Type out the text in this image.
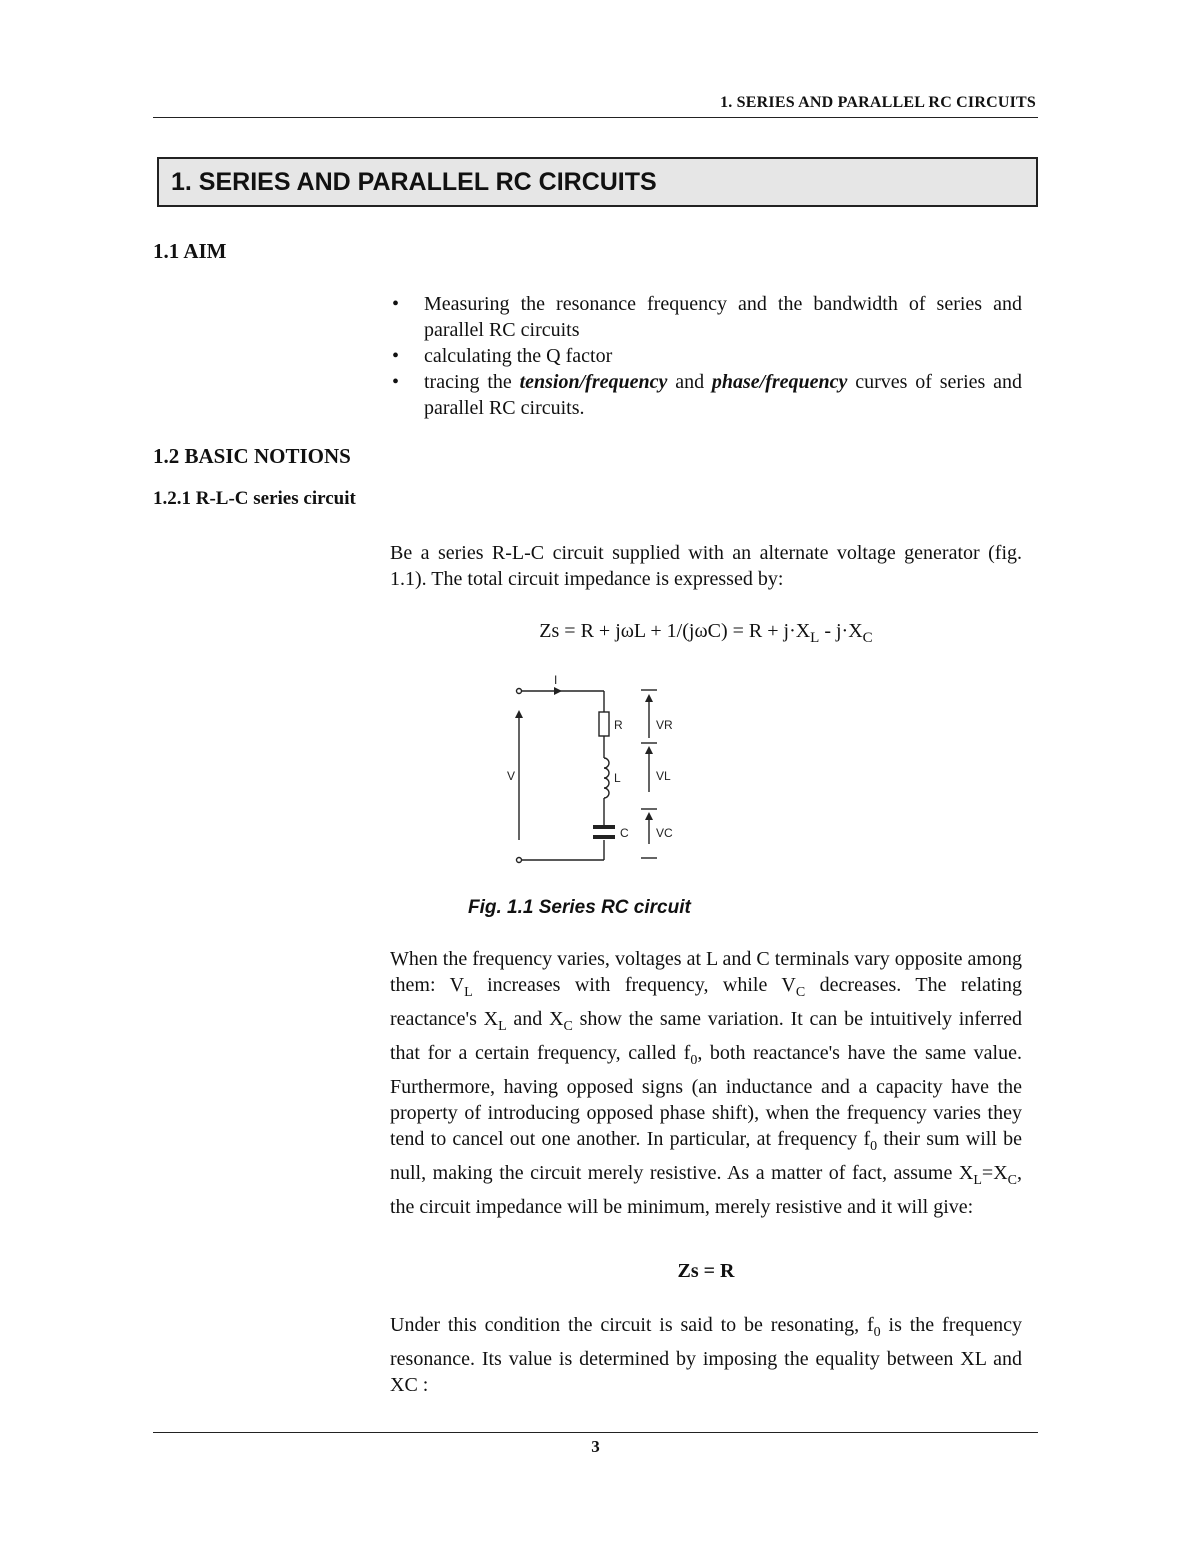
1. SERIES AND PARALLEL RC CIRCUITS
1. SERIES AND PARALLEL RC CIRCUITS
1.1 AIM
• Measuring the resonance frequency and the bandwidth of series and parallel RC circuits
• calculating the Q factor
• tracing the tension/frequency and phase/frequency curves of series and parallel RC circuits.
1.2 BASIC NOTIONS
1.2.1 R-L-C series circuit
Be a series R-L-C circuit supplied with an alternate voltage generator (fig. 1.1). The total circuit impedance is expressed by:
$Zs = R + j\omega L + 1/(j\omega C) = R + j\cdot X_L - j\cdot X_C$
I
V
R
L
C
VR
VL
VC
Fig. 1.1 Series RC circuit
When the frequency varies, voltages at L and C terminals vary opposite among them: $V_L$ increases with frequency, while $V_C$ decreases. The relating reactance's $X_L$ and $X_C$ show the same variation. It can be intuitively inferred that for a certain frequency, called $f_0$, both reactance's have the same value. Furthermore, having opposed signs (an inductance and a capacity have the property of introducing opposed phase shift), when the frequency varies they tend to cancel out one another. In particular, at frequency $f_0$ their sum will be null, making the circuit merely resistive. As a matter of fact, assume $X_L=X_C$, the circuit impedance will be minimum, merely resistive and it will give:
Zs = R
Under this condition the circuit is said to be resonating, $f_0$ is the frequency resonance. Its value is determined by imposing the equality between XL and XC :
3
